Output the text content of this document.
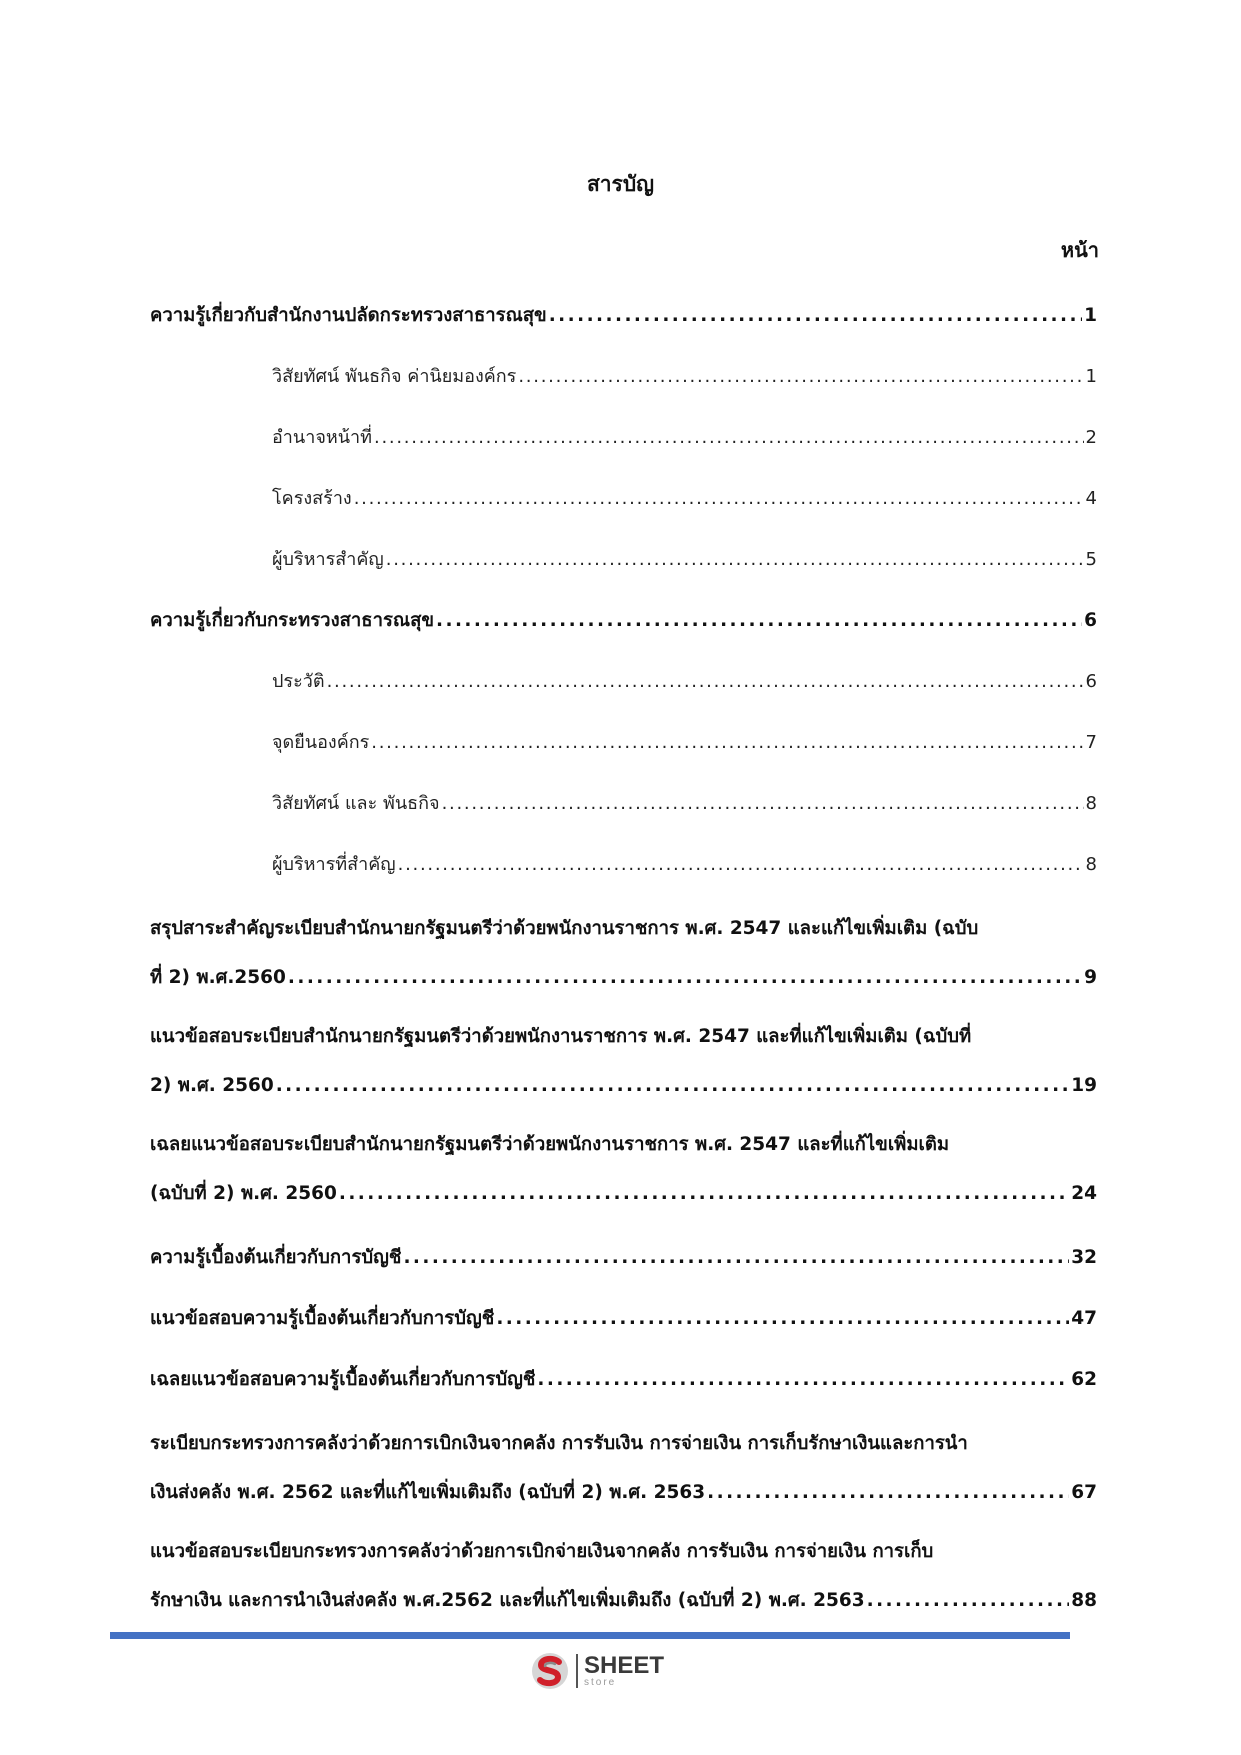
สารบัญ
หน้า
ความรู้เกี่ยวกับสำนักงานปลัดกระทรวงสาธารณสุข . . .	1
วิสัยทัศน์ พันธกิจ ค่านิยมองค์กร . . .	1
อำนาจหน้าที่ . . .	2
โครงสร้าง . . .	4
ผู้บริหารสำคัญ . . .	5
ความรู้เกี่ยวกับกระทรวงสาธารณสุข . . .	6
ประวัติ . . .	6
จุดยืนองค์กร . . .	7
วิสัยทัศน์ และ พันธกิจ . . .	8
ผู้บริหารที่สำคัญ . . .	8
สรุปสาระสำคัญระเบียบสำนักนายกรัฐมนตรีว่าด้วยพนักงานราชการ พ.ศ. 2547 และแก้ไขเพิ่มเติม (ฉบับ
ที่ 2) พ.ศ.2560 . . .	9
แนวข้อสอบระเบียบสำนักนายกรัฐมนตรีว่าด้วยพนักงานราชการ พ.ศ. 2547 และที่แก้ไขเพิ่มเติม (ฉบับที่
2) พ.ศ. 2560 . . .	19
เฉลยแนวข้อสอบระเบียบสำนักนายกรัฐมนตรีว่าด้วยพนักงานราชการ พ.ศ. 2547 และที่แก้ไขเพิ่มเติม
(ฉบับที่ 2) พ.ศ. 2560 . . .	24
ความรู้เบื้องต้นเกี่ยวกับการบัญชี . . .	32
แนวข้อสอบความรู้เบื้องต้นเกี่ยวกับการบัญชี . . .	47
เฉลยแนวข้อสอบความรู้เบื้องต้นเกี่ยวกับการบัญชี . . .	62
ระเบียบกระทรวงการคลังว่าด้วยการเบิกเงินจากคลัง การรับเงิน การจ่ายเงิน การเก็บรักษาเงินและการนำ
เงินส่งคลัง พ.ศ. 2562 และที่แก้ไขเพิ่มเติมถึง (ฉบับที่ 2) พ.ศ. 2563 . . .	67
แนวข้อสอบระเบียบกระทรวงการคลังว่าด้วยการเบิกจ่ายเงินจากคลัง การรับเงิน การจ่ายเงิน การเก็บ
รักษาเงิน และการนำเงินส่งคลัง พ.ศ.2562 และที่แก้ไขเพิ่มเติมถึง (ฉบับที่ 2) พ.ศ. 2563 . . .	88
SHEET
store
